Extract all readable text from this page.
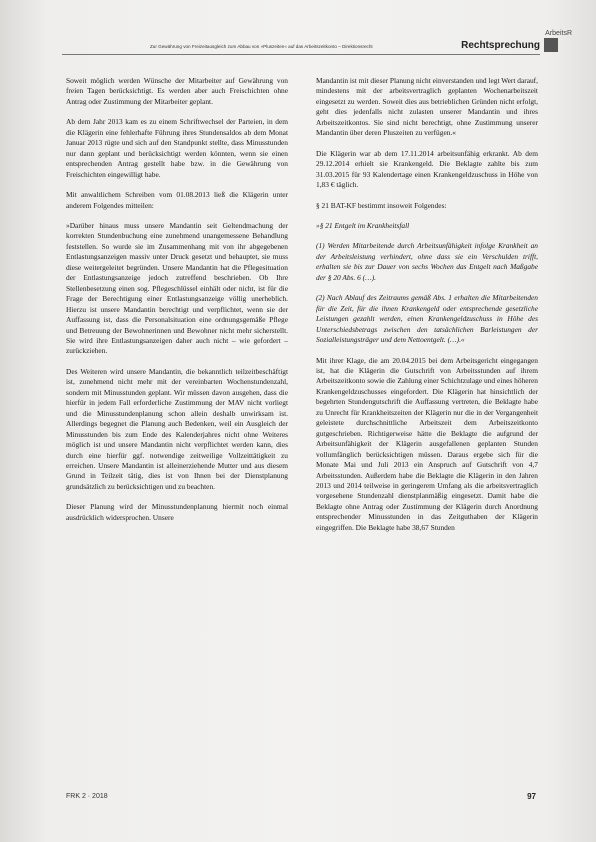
Zur Gewährung von Freizeitausgleich zum Abbau von »Pluszeiten« auf das Arbeitszeitkonto – Direktionsrecht
ArbeitsR
Rechtsprechung

Soweit möglich werden Wünsche der Mitarbeiter auf Gewährung von freien Tagen berücksichtigt. Es werden aber auch Freischichten ohne Antrag oder Zustimmung der Mitarbeiter geplant.

Ab dem Jahr 2013 kam es zu einem Schriftwechsel der Parteien, in dem die Klägerin eine fehlerhafte Führung ihres Stundensaldos ab dem Monat Januar 2013 rügte und sich auf den Standpunkt stellte, dass Minusstunden nur dann geplant und berücksichtigt werden könnten, wenn sie einen entsprechenden Antrag gestellt habe bzw. in die Gewährung von Freischichten eingewilligt habe.

Mit anwaltlichem Schreiben vom 01.08.2013 ließ die Klägerin unter anderem Folgendes mitteilen:

»Darüber hinaus muss unsere Mandantin seit Geltendmachung der korrekten Stundenbuchung eine zunehmend unangemessene Behandlung feststellen. So wurde sie im Zusammenhang mit von ihr abgegebenen Entlastungsanzeigen massiv unter Druck gesetzt und behauptet, sie muss diese weitergeleitet begründen. Unsere Mandantin hat die Pflegesituation der Entlastungsanzeige jedoch zutreffend beschrieben. Ob Ihre Stellenbesetzung einen sog. Pflegeschlüssel einhält oder nicht, ist für die Frage der Berechtigung einer Entlastungsanzeige völlig unerheblich. Hierzu ist unsere Mandantin berechtigt und verpflichtet, wenn sie der Auffassung ist, dass die Personalsituation eine ordnungsgemäße Pflege und Betreuung der Bewohnerinnen und Bewohner nicht mehr sicherstellt. Sie wird ihre Entlastungsanzeigen daher auch nicht – wie gefordert – zurückziehen.

Des Weiteren wird unsere Mandantin, die bekanntlich teilzeitbeschäftigt ist, zunehmend nicht mehr mit der vereinbarten Wochenstundenzahl, sondern mit Minusstunden geplant. Wir müssen davon ausgehen, dass die hierfür in jedem Fall erforderliche Zustimmung der MAV nicht vorliegt und die Minusstundenplanung schon allein deshalb unwirksam ist. Allerdings begegnet die Planung auch Bedenken, weil ein Ausgleich der Minusstunden bis zum Ende des Kalenderjahres nicht ohne Weiteres möglich ist und unsere Mandantin nicht verpflichtet werden kann, dies durch eine hierfür ggf. notwendige zeitweilige Vollzeittätigkeit zu erreichen. Unsere Mandantin ist alleinerziehende Mutter und aus diesem Grund in Teilzeit tätig, dies ist von Ihnen bei der Dienstplanung grundsätzlich zu berücksichtigen und zu beachten.

Dieser Planung wird der Minusstundenplanung hiermit noch einmal ausdrücklich widersprochen. Unsere

Mandantin ist mit dieser Planung nicht einverstanden und legt Wert darauf, mindestens mit der arbeitsvertraglich geplanten Wochenarbeitszeit eingesetzt zu werden. Soweit dies aus betrieblichen Gründen nicht erfolgt, geht dies jedenfalls nicht zulasten unserer Mandantin und ihres Arbeitszeitkontos. Sie sind nicht berechtigt, ohne Zustimmung unserer Mandantin über deren Pluszeiten zu verfügen.«

Die Klägerin war ab dem 17.11.2014 arbeitsunfähig erkrankt. Ab dem 29.12.2014 erhielt sie Krankengeld. Die Beklagte zahlte bis zum 31.03.2015 für 93 Kalendertage einen Krankengeldzuschuss in Höhe von 1,83 € täglich.

§ 21 BAT-KF bestimmt insoweit Folgendes:

»§ 21 Entgelt im Krankheitsfall

(1) Werden Mitarbeitende durch Arbeitsunfähigkeit infolge Krankheit an der Arbeitsleistung verhindert, ohne dass sie ein Verschulden trifft, erhalten sie bis zur Dauer von sechs Wochen das Entgelt nach Maßgabe der § 20 Abs. 6 (…).

(2) Nach Ablauf des Zeitraums gemäß Abs. 1 erhalten die Mitarbeitenden für die Zeit, für die ihnen Krankengeld oder entsprechende gesetzliche Leistungen gezahlt werden, einen Krankengeldzuschuss in Höhe des Unterschiedsbetrags zwischen den tatsächlichen Barleistungen der Sozialleistungsträger und dem Nettoentgelt. (…).«

Mit ihrer Klage, die am 20.04.2015 bei dem Arbeitsgericht eingegangen ist, hat die Klägerin die Gutschrift von Arbeitsstunden auf ihrem Arbeitszeitkonto sowie die Zahlung einer Schichtzulage und eines höheren Krankengeldzuschusses eingefordert. Die Klägerin hat hinsichtlich der begehrten Stundengutschrift die Auffassung vertreten, die Beklagte habe zu Unrecht für Krankheitszeiten der Klägerin nur die in der Vergangenheit geleistete durchschnittliche Arbeitszeit dem Arbeitszeitkonto gutgeschrieben. Richtigerweise hätte die Beklagte die aufgrund der Arbeitsunfähigkeit der Klägerin ausgefallenen geplanten Stunden vollumfänglich berücksichtigen müssen. Daraus ergebe sich für die Monate Mai und Juli 2013 ein Anspruch auf Gutschrift von 4,7 Arbeitsstunden. Außerdem habe die Beklagte die Klägerin in den Jahren 2013 und 2014 teilweise in geringerem Umfang als die arbeitsvertraglich vorgesehene Stundenzahl dienstplanmäßig eingesetzt. Damit habe die Beklagte ohne Antrag oder Zustimmung der Klägerin durch Anordnung entsprechender Minusstunden in das Zeitguthaben der Klägerin eingegriffen. Die Beklagte habe 38,67 Stunden

FRK 2 · 2018	97
